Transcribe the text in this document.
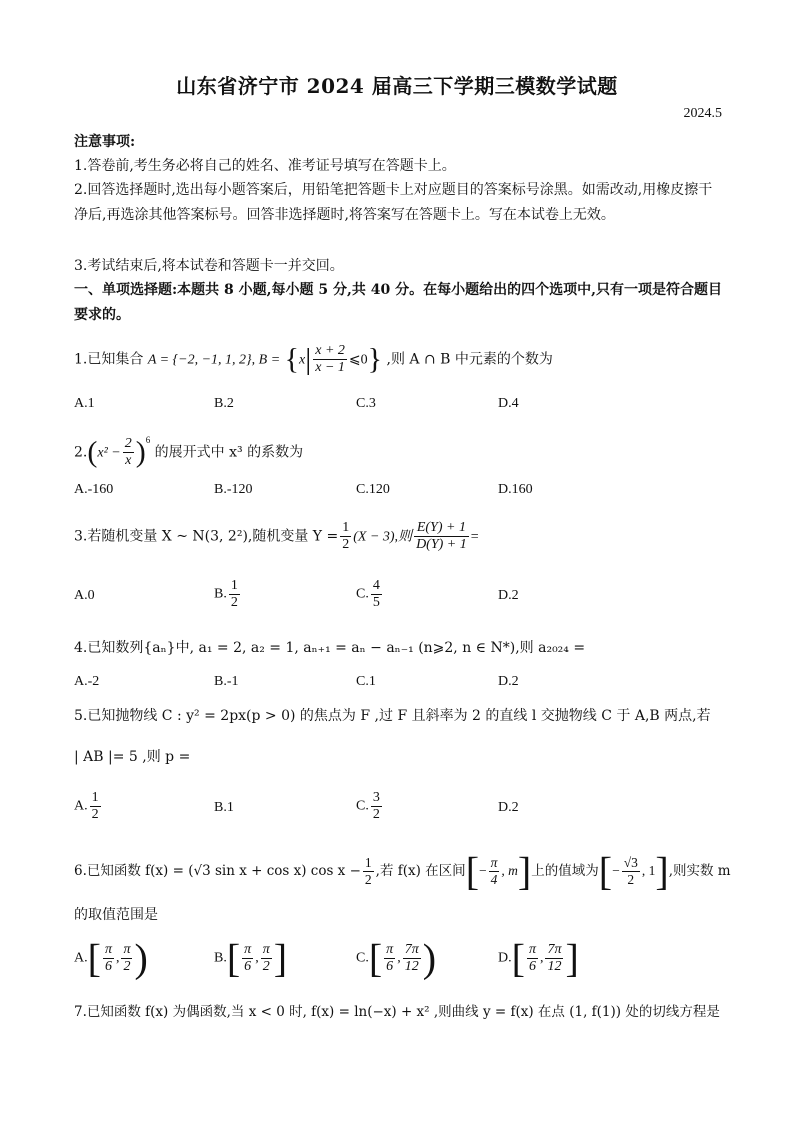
山东省济宁市 2024 届高三下学期三模数学试题
2024.5
注意事项:
1.答卷前,考生务必将自己的姓名、准考证号填写在答题卡上。
2.回答选择题时,选出每小题答案后，用铅笔把答题卡上对应题目的答案标号涂黑。如需改动,用橡皮擦干净后,再选涂其他答案标号。回答非选择题时,将答案写在答题卡上。写在本试卷上无效。
3.考试结束后,将本试卷和答题卡一并交回。
一、单项选择题:本题共 8 小题,每小题 5 分,共 40 分。在每小题给出的四个选项中,只有一项是符合题目要求的。
1.已知集合 A = {−2, −1, 1, 2}, $B = \{x| \frac{x + 2}{x - 1}$ ⩽0} ,则 A ∩ B 中元素的个数为
A.1	B.2	C.3	D.4
$2.(x^2 - \frac{2}{x} )^6$ 的展开式中 x³ 的系数为
A.-160	B.-120	C.120	D.160
3.若随机变量 X ~ N(3, 2²),随机变量 $Y = \frac{1}{2} (X - 3)$,则 $\frac{E(Y) + 1}{D(Y) + 1}$ =
A.0	B. $\frac{1}{2}$	C. $\frac{4}{5}$	D.2
4.已知数列{aₙ}中, a₁ = 2, a₂ = 1, aₙ₊₁ = aₙ − aₙ₋₁ (n⩾2, n ∈ N*),则 a₂₀₂₄ =
A.-2	B.-1	C.1	D.2
5.已知抛物线 C : y² = 2px(p > 0) 的焦点为 F ,过 F 且斜率为 2 的直线 l 交抛物线 C 于 A,B 两点,若
| AB |= 5 ,则 p =
A. $\frac{1}{2}$	B.1	C. $\frac{3}{2}$	D.2
6.已知函数 f(x) = (√3 sin x + cos x) $\cos x - \frac{1}{2}$ ,若 f(x) 在区间[− $\frac{\pi}{4}$ , m]上的值域为[− $\frac{√3}{2}$ , 1],则实数 m
的取值范围是
$A.[ \frac{\pi}{6}$ , $\frac{\pi}{2}$ )	$B.[ \frac{\pi}{6}$ , $\frac{\pi}{2}$ ]	$C.[ \frac{\pi}{6}$ , $\frac{7\pi}{12}$ )	$D.[ \frac{\pi}{6}$ , $\frac{7\pi}{12}$ ]
7.已知函数 f(x) 为偶函数,当 x < 0 时, f(x) = ln(−x) + x² ,则曲线 y = f(x) 在点 (1, f(1)) 处的切线方程是
